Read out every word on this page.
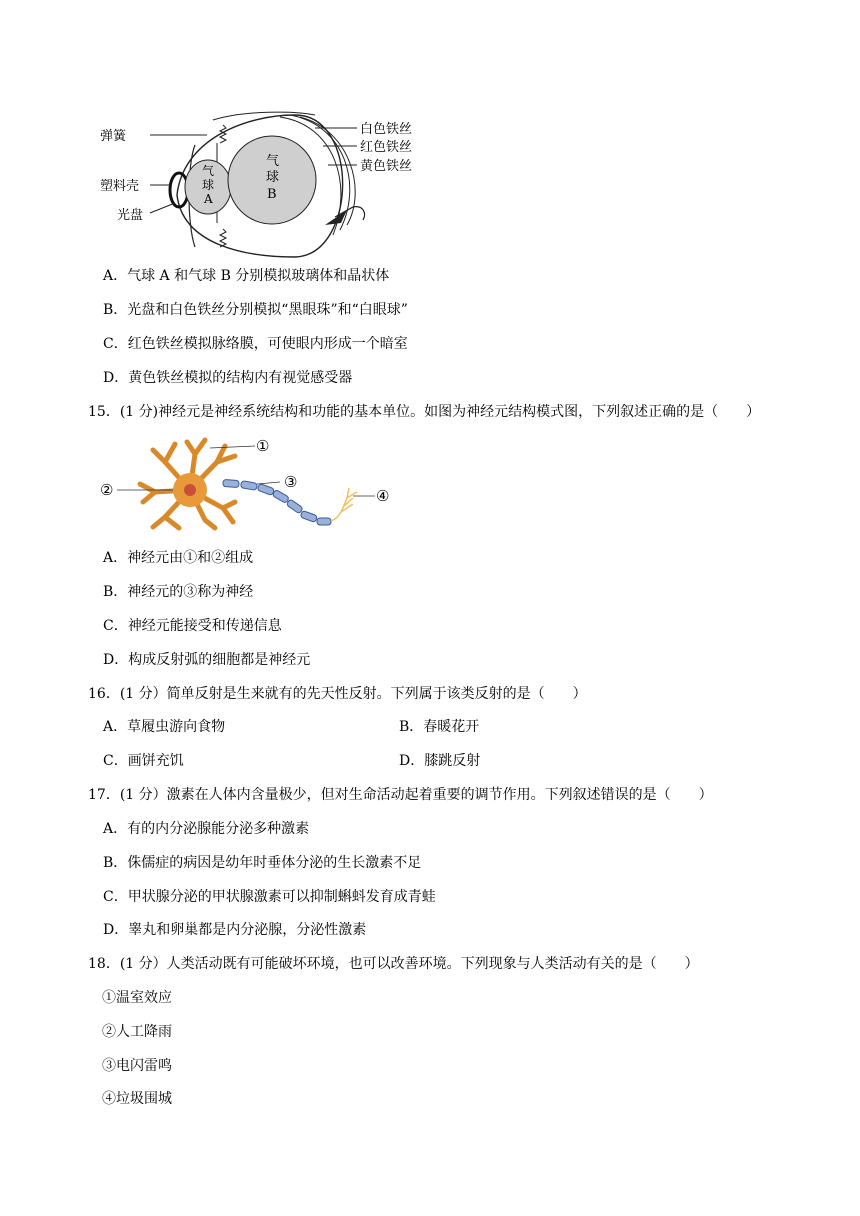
弹簧
塑料壳
光盘
气
球
A
气
球
B
白色铁丝
红色铁丝
黄色铁丝
A．气球 A 和气球 B 分别模拟玻璃体和晶状体
B．光盘和白色铁丝分别模拟“黑眼珠”和“白眼球”
C．红色铁丝模拟脉络膜，可使眼内形成一个暗室
D．黄色铁丝模拟的结构内有视觉感受器
15．(1 分)神经元是神经系统结构和功能的基本单位。如图为神经元结构模式图，下列叙述正确的是（　　）
①
②	③
④
A．神经元由①和②组成
B．神经元的③称为神经
C．神经元能接受和传递信息
D．构成反射弧的细胞都是神经元
16．(1 分）简单反射是生来就有的先天性反射。下列属于该类反射的是（　　）
A．草履虫游向食物	B．春暖花开
C．画饼充饥	D．膝跳反射
17．(1 分）激素在人体内含量极少，但对生命活动起着重要的调节作用。下列叙述错误的是（　　）
A．有的内分泌腺能分泌多种激素
B．侏儒症的病因是幼年时垂体分泌的生长激素不足
C．甲状腺分泌的甲状腺激素可以抑制蝌蚪发育成青蛙
D．睾丸和卵巢都是内分泌腺，分泌性激素
18．(1 分）人类活动既有可能破坏环境，也可以改善环境。下列现象与人类活动有关的是（　　）
①温室效应
②人工降雨
③电闪雷鸣
④垃圾围城
